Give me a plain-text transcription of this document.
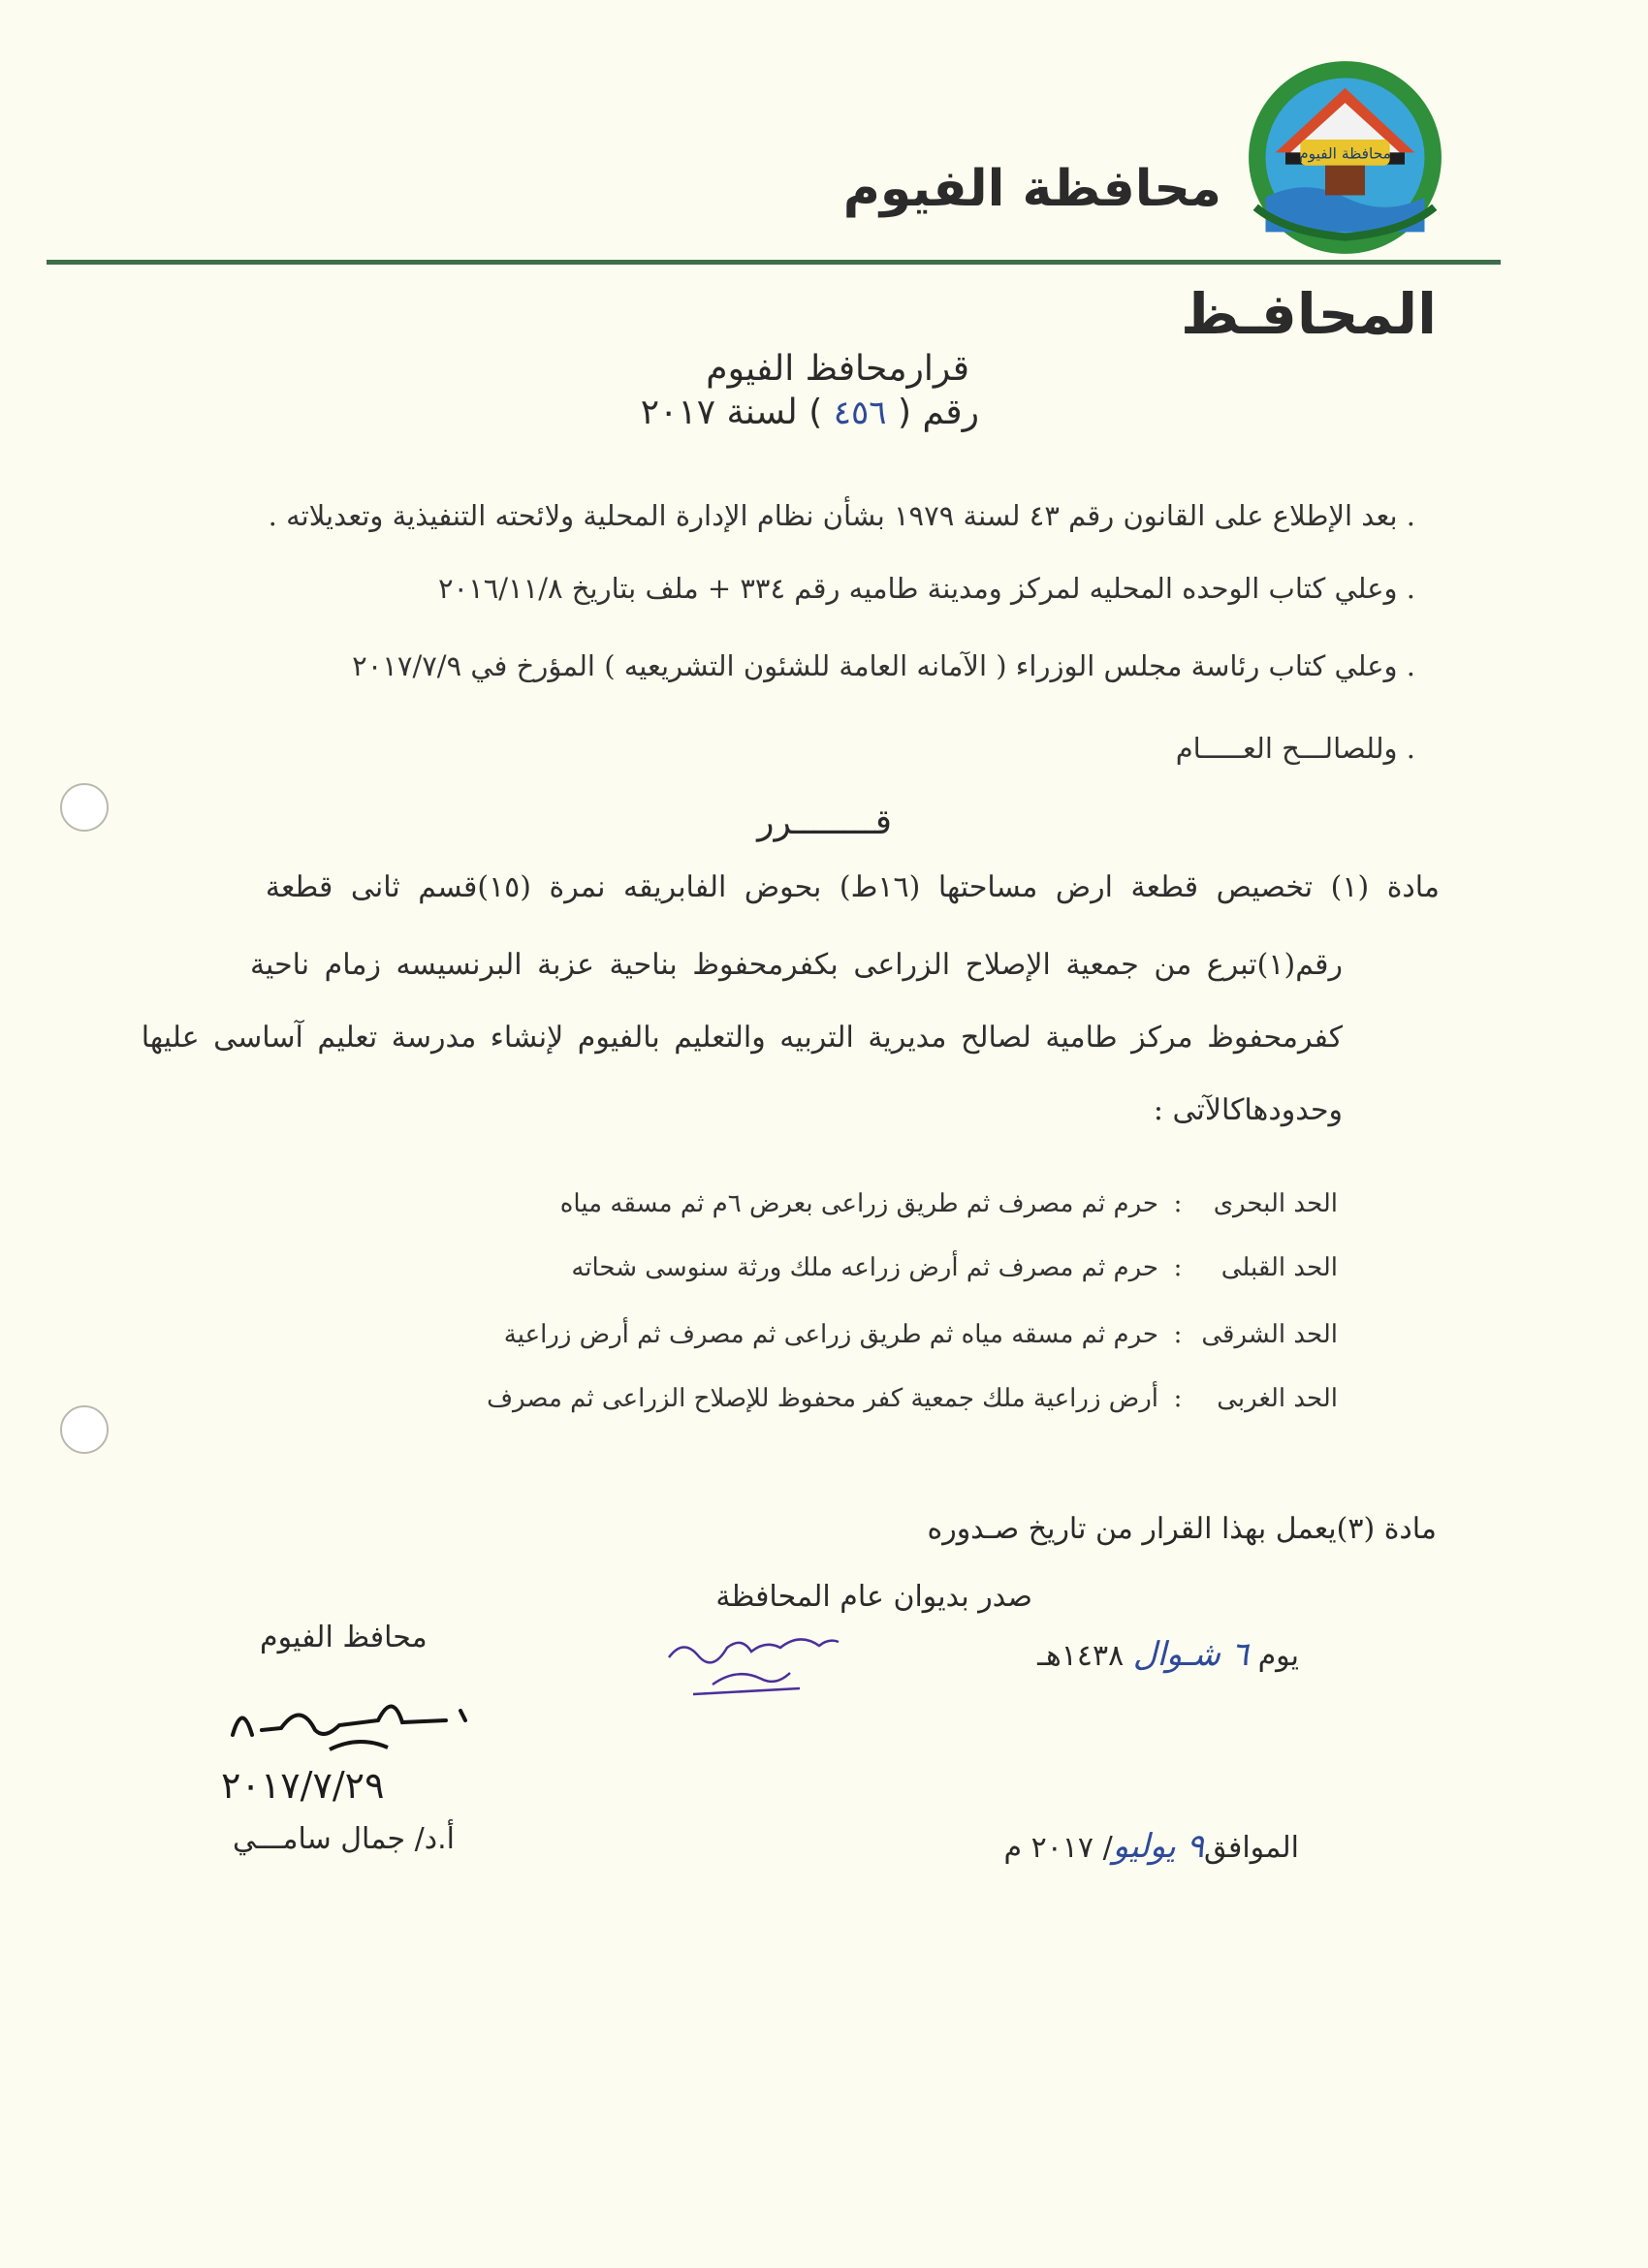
محافظة الفيوم
محافظة الفيوم
المحافـظ
قرارمحافظ الفيوم
رقم ( ٤٥٦ ) لسنة ٢٠١٧
. بعد الإطلاع على القانون رقم ٤٣ لسنة ١٩٧٩ بشأن نظام الإدارة المحلية ولائحته التنفيذية وتعديلاته .
. وعلي كتاب الوحده المحليه لمركز ومدينة طاميه رقم ٣٣٤ + ملف بتاريخ ٢٠١٦/١١/٨
. وعلي كتاب رئاسة مجلس الوزراء ( الآمانه العامة للشئون التشريعيه ) المؤرخ في ٢٠١٧/٧/٩
. وللصالـــح العـــــام
قــــــــرر
مادة (١) تخصيص قطعة ارض مساحتها (١٦ط) بحوض الفابريقه نمرة (١٥)قسم ثانى قطعة
رقم(١)تبرع من جمعية الإصلاح الزراعى بكفرمحفوظ بناحية عزبة البرنسيسه زمام ناحية
كفرمحفوظ مركز طامية لصالح مديرية التربيه والتعليم بالفيوم لإنشاء مدرسة تعليم آساسى عليها
وحدودهاكالآتى :
الحد البحرى:حرم ثم مصرف ثم طريق زراعى بعرض ٦م ثم مسقه مياه
الحد القبلى:حرم ثم مصرف ثم أرض زراعه ملك ورثة سنوسى شحاته
الحد الشرقى:حرم ثم مسقه مياه ثم طريق زراعى ثم مصرف ثم أرض زراعية
الحد الغربى:أرض زراعية ملك جمعية كفر محفوظ للإصلاح الزراعى ثم مصرف
مادة (٣)يعمل بهذا القرار من تاريخ صـدوره
صدر بديوان عام المحافظة
يوم ٦ شـوال ١٤٣٨هـ
الموافق٩ يوليو/ ٢٠١٧ م
محافظ الفيوم
٢٠١٧/٧/٢٩
أ.د/ جمال سامـــي
